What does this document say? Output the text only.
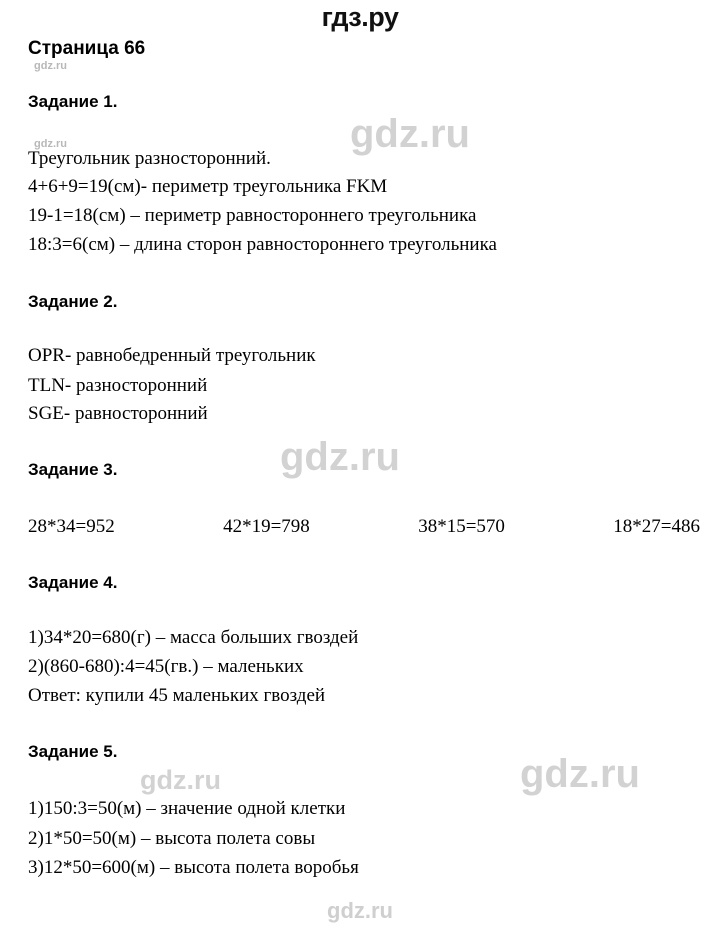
гдз.ру
gdz.ru
Страница 66
Задание 1.
gdz.ru	gdz.ru
Треугольник разносторонний.
4+6+9=19(см)- периметр треугольника FKM
19-1=18(см) – периметр равностороннего треугольника
18:3=6(см) – длина сторон равностороннего треугольника
Задание 2.
OPR- равнобедренный треугольник
TLN- разносторонний
SGE- равносторонний
gdz.ru
Задание 3.
28*34=952	42*19=798	38*15=570	18*27=486
Задание 4.
1)34*20=680(г) – масса больших гвоздей
2)(860-680):4=45(гв.) – маленьких
Ответ: купили 45 маленьких гвоздей
Задание 5.
gdz.ru	gdz.ru
1)150:3=50(м) – значение одной клетки
2)1*50=50(м) – высота полета совы
3)12*50=600(м) – высота полета воробья
gdz.ru
